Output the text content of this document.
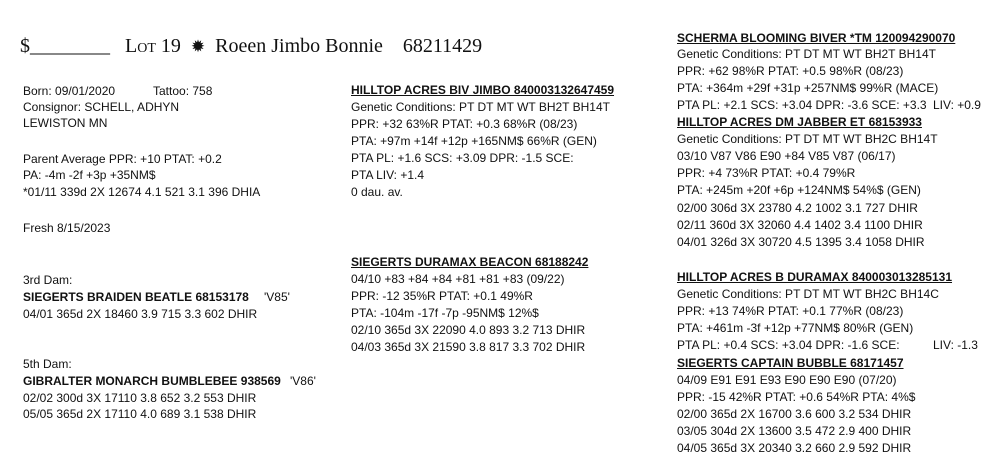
$________ Lot 19 ✹ Roeen Jimbo Bonnie 68211429
Born: 09/01/2020	Tattoo: 758
Consignor: SCHELL, ADHYN
LEWISTON MN
Parent Average PPR: +10 PTAT: +0.2
PA: -4m -2f +3p +35NM$
*01/11 339d 2X 12674 4.1 521 3.1 396 DHIA
Fresh 8/15/2023
3rd Dam:
SIEGERTS BRAIDEN BEATLE 68153178 'V85'
04/01 365d 2X 18460 3.9 715 3.3 602 DHIR
5th Dam:
GIBRALTER MONARCH BUMBLEBEE 938569 'V86'
02/02 300d 3X 17110 3.8 652 3.2 553 DHIR
05/05 365d 2X 17110 4.0 689 3.1 538 DHIR
HILLTOP ACRES BIV JIMBO 840003132647459
Genetic Conditions: PT DT MT WT BH2T BH14T
PPR: +32 63%R PTAT: +0.3 68%R (08/23)
PTA: +97m +14f +12p +165NM$ 66%R (GEN)
PTA PL: +1.6 SCS: +3.09 DPR: -1.5 SCE:
PTA LIV: +1.4
0 dau. av.
SIEGERTS DURAMAX BEACON 68188242
04/10 +83 +84 +84 +81 +81 +83 (09/22)
PPR: -12 35%R PTAT: +0.1 49%R
PTA: -104m -17f -7p -95NM$ 12%$
02/10 365d 3X 22090 4.0 893 3.2 713 DHIR
04/03 365d 3X 21590 3.8 817 3.3 702 DHIR
SCHERMA BLOOMING BIVER *TM 120094290070
Genetic Conditions: PT DT MT WT BH2T BH14T
PPR: +62 98%R PTAT: +0.5 98%R (08/23)
PTA: +364m +29f +31p +257NM$ 99%R (MACE)
PTA PL: +2.1 SCS: +3.04 DPR: -3.6 SCE: +3.3 LIV: +0.9
HILLTOP ACRES DM JABBER ET 68153933
Genetic Conditions: PT DT MT WT BH2C BH14T
03/10 V87 V86 E90 +84 V85 V87 (06/17)
PPR: +4 73%R PTAT: +0.4 79%R
PTA: +245m +20f +6p +124NM$ 54%$ (GEN)
02/00 306d 3X 23780 4.2 1002 3.1 727 DHIR
02/11 360d 3X 32060 4.4 1402 3.4 1100 DHIR
04/01 326d 3X 30720 4.5 1395 3.4 1058 DHIR
HILLTOP ACRES B DURAMAX 840003013285131
Genetic Conditions: PT DT MT WT BH2C BH14C
PPR: +13 74%R PTAT: +0.1 77%R (08/23)
PTA: +461m -3f +12p +77NM$ 80%R (GEN)
PTA PL: +0.4 SCS: +3.04 DPR: -1.6 SCE:	LIV: -1.3
SIEGERTS CAPTAIN BUBBLE 68171457
04/09 E91 E91 E93 E90 E90 E90 (07/20)
PPR: -15 42%R PTAT: +0.6 54%R PTA: 4%$
02/00 365d 2X 16700 3.6 600 3.2 534 DHIR
03/05 304d 2X 13600 3.5 472 2.9 400 DHIR
04/05 365d 3X 20340 3.2 660 2.9 592 DHIR
